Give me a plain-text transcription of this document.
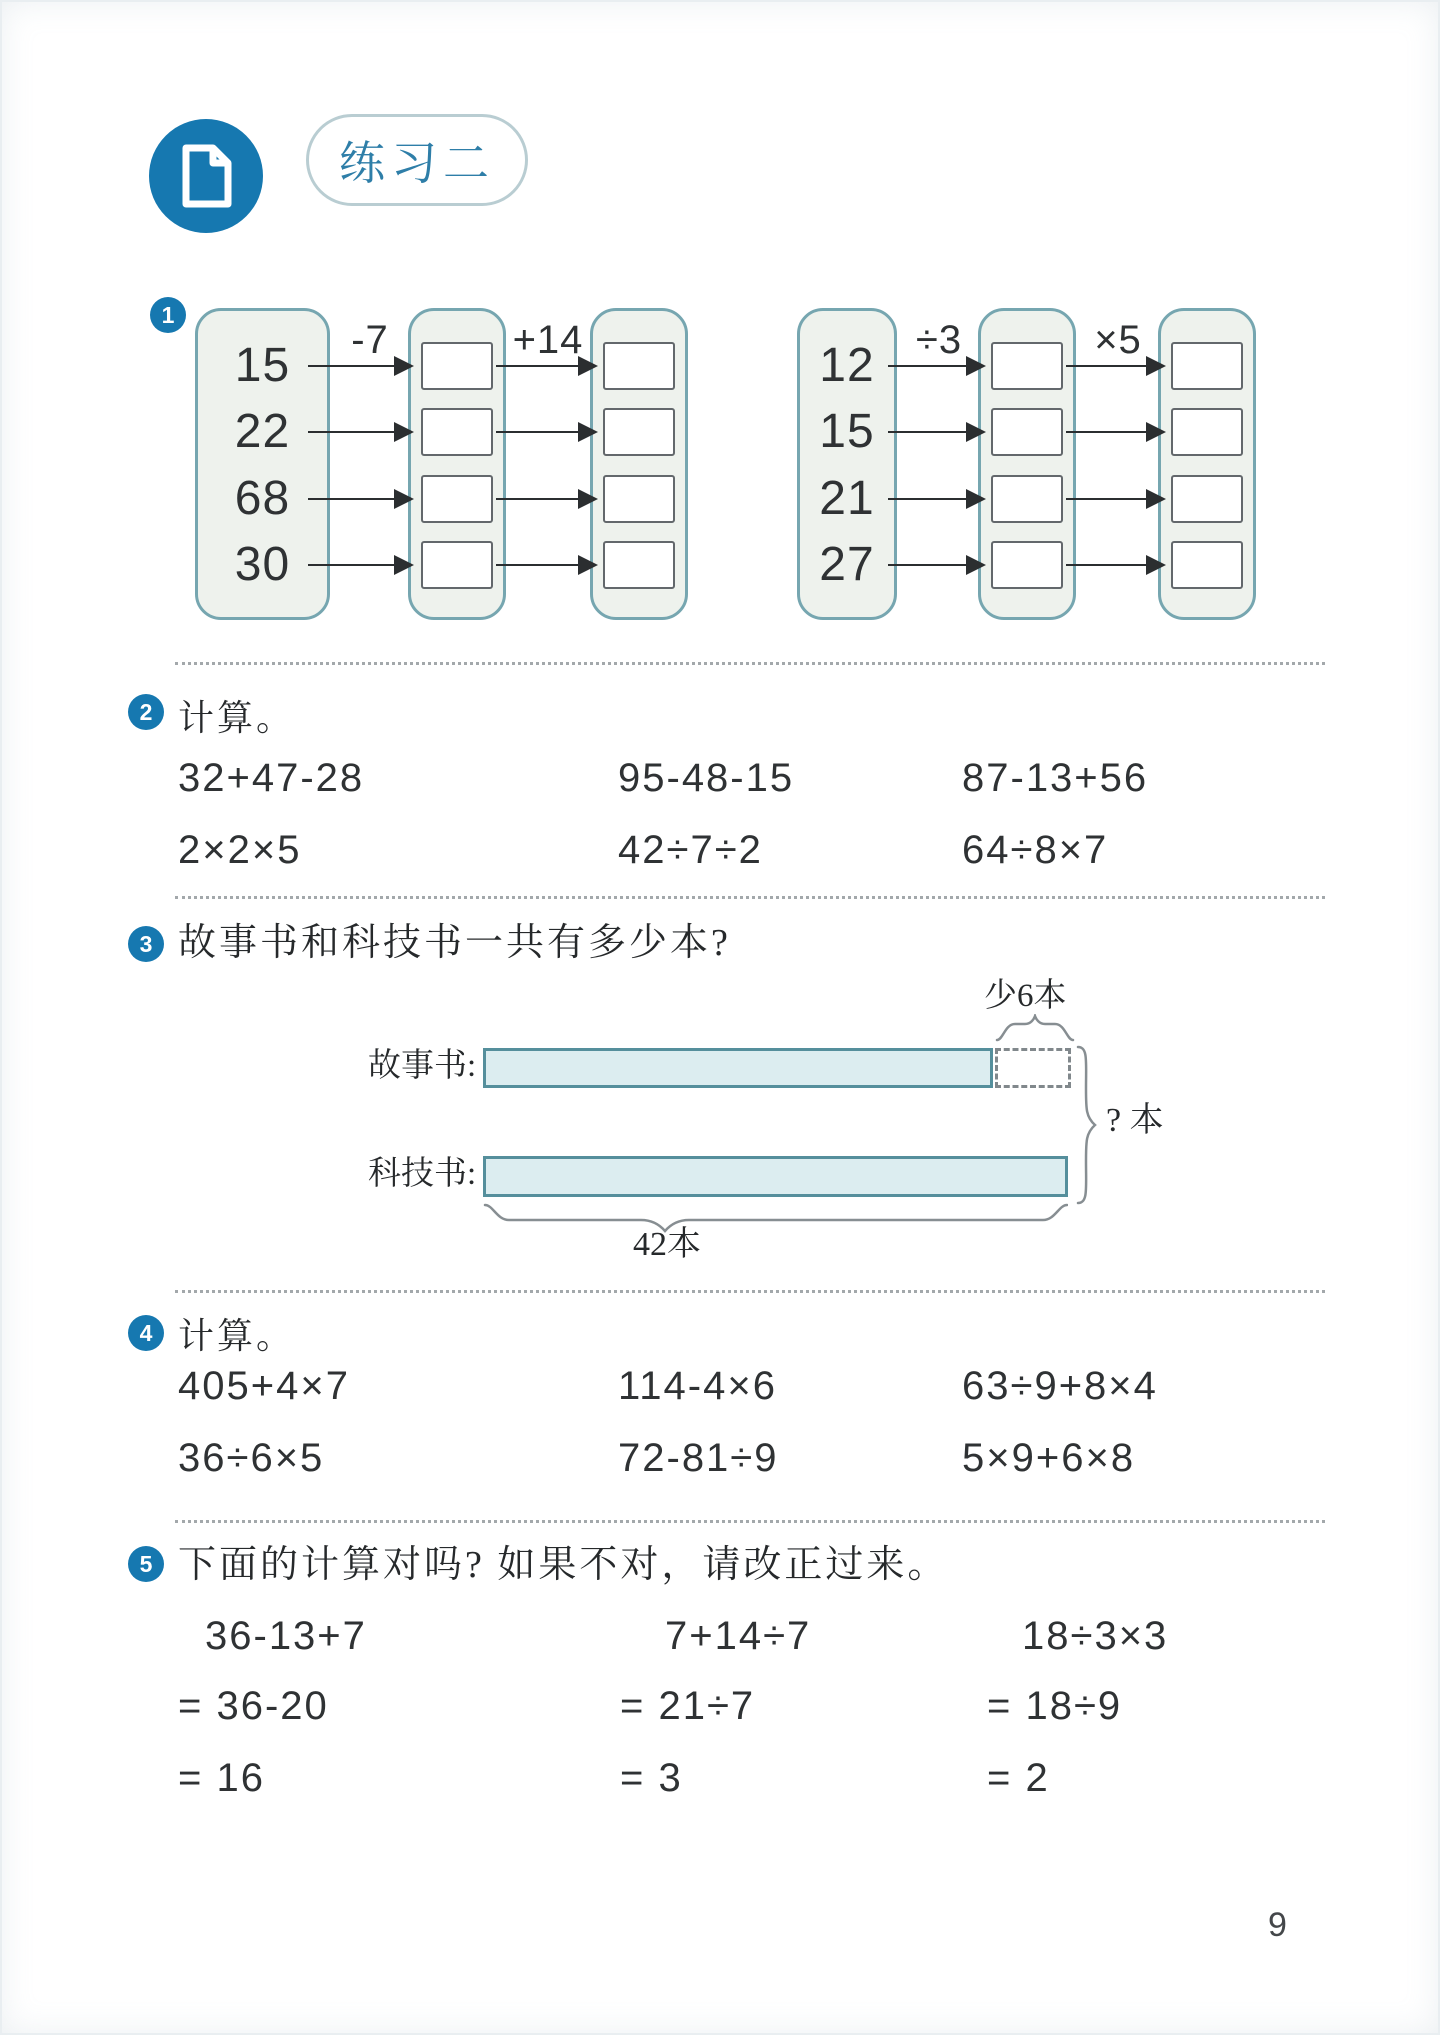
练习二
1
15
22
68
30
-7	+14	12
15
21
27
÷3	×5
2 计算。
32+47-28	95-48-15	87-13+56
2×2×5	42÷7÷2	64÷8×7
3 故事书和科技书一共有多少本?
少6本
故事书:
? 本
科技书:
42本
4 计算。
405+4×7	114-4×6	63÷9+8×4
36÷6×5	72-81÷9	5×9+6×8
5 下面的计算对吗? 如果不对，请改正过来。
36-13+7	7+14÷7	18÷3×3
= 36-20	= 21÷7	= 18÷9
= 16	= 3	= 2
9
